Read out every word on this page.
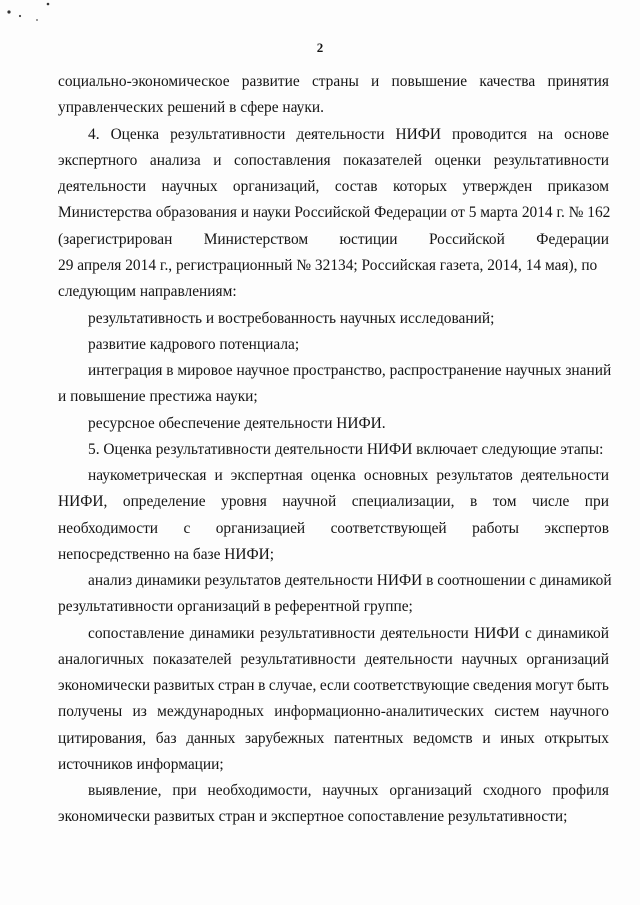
2
социально-экономическое развитие страны и повышение качества принятия
управленческих решений в сфере науки.
4. Оценка результативности деятельности НИФИ проводится на основе
экспертного анализа и сопоставления показателей оценки результативности
деятельности научных организаций, состав которых утвержден приказом
Министерства образования и науки Российской Федерации от 5 марта 2014 г. № 162
(зарегистрирован Министерством юстиции Российской Федерации
29 апреля 2014 г., регистрационный № 32134; Российская газета, 2014, 14 мая), по
следующим направлениям:
результативность и востребованность научных исследований;
развитие кадрового потенциала;
интеграция в мировое научное пространство, распространение научных знаний
и повышение престижа науки;
ресурсное обеспечение деятельности НИФИ.
5. Оценка результативности деятельности НИФИ включает следующие этапы:
наукометрическая и экспертная оценка основных результатов деятельности
НИФИ, определение уровня научной специализации, в том числе при
необходимости с организацией соответствующей работы экспертов
непосредственно на базе НИФИ;
анализ динамики результатов деятельности НИФИ в соотношении с динамикой
результативности организаций в референтной группе;
сопоставление динамики результативности деятельности НИФИ с динамикой
аналогичных показателей результативности деятельности научных организаций
экономически развитых стран в случае, если соответствующие сведения могут быть
получены из международных информационно-аналитических систем научного
цитирования, баз данных зарубежных патентных ведомств и иных открытых
источников информации;
выявление, при необходимости, научных организаций сходного профиля
экономически развитых стран и экспертное сопоставление результативности;
